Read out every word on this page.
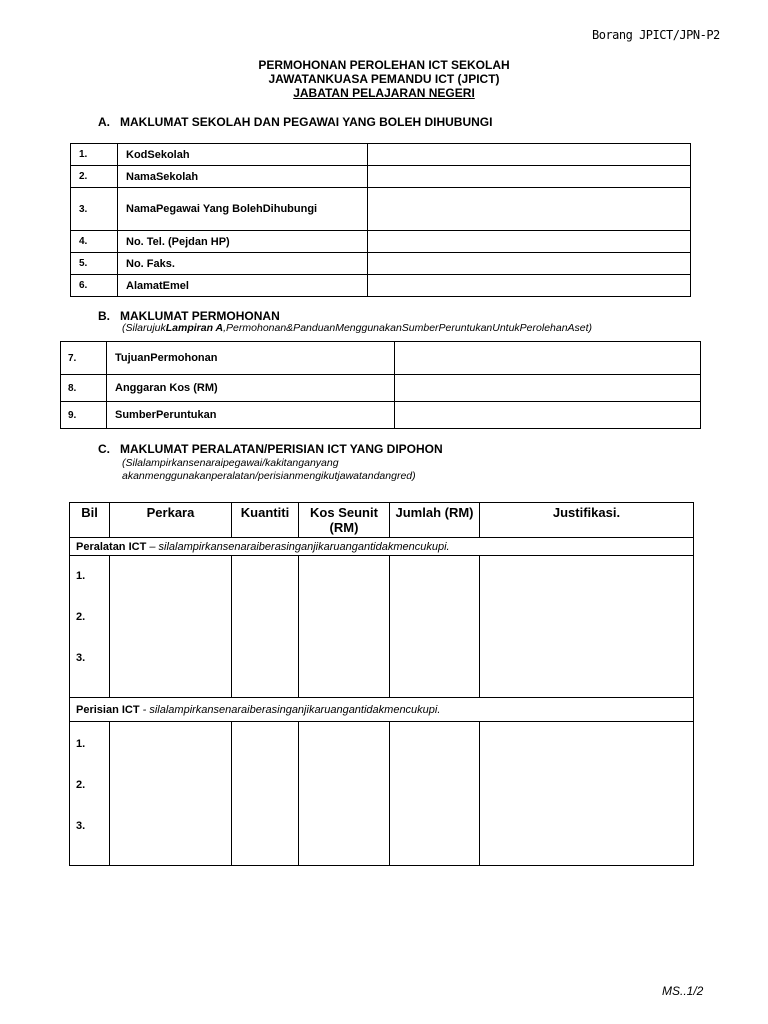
Borang JPICT/JPN-P2
PERMOHONAN PEROLEHAN ICT SEKOLAH
JAWATANKUASA PEMANDU ICT (JPICT)
JABATAN PELAJARAN NEGERI
A.   MAKLUMAT SEKOLAH DAN PEGAWAI YANG BOLEH DIHUBUNGI
1.	KodSekolah	
2.	NamaSekolah	
3.	NamaPegawai Yang BolehDihubungi	
4.	No. Tel. (Pejdan HP)	
5.	No. Faks.	
6.	AlamatEmel	
B.   MAKLUMAT PERMOHONAN
(SilarujukLampiran A,Permohonan&PanduanMenggunakanSumberPeruntukanUntukPerolehanAset)
7.	TujuanPermohonan	
8.	Anggaran Kos (RM)	
9.	SumberPeruntukan	
C.   MAKLUMAT PERALATAN/PERISIAN ICT YANG DIPOHON
(Silalampirkansenaraipegawai/kakitanganyang
akanmenggunakanperalatan/perisianmengikutjawatandangred)
Bil	Perkara	Kuantiti	Kos Seunit (RM)	Jumlah (RM)	Justifikasi.
Peralatan ICT – silalampirkansenaraiberasinganjikaruangantidakmencukupi.					

1.
2.
3.					

Perisian ICT - silalampirkansenaraiberasinganjikaruangantidakmencukupi.					

1.
2.
3.					

MS..1/2
